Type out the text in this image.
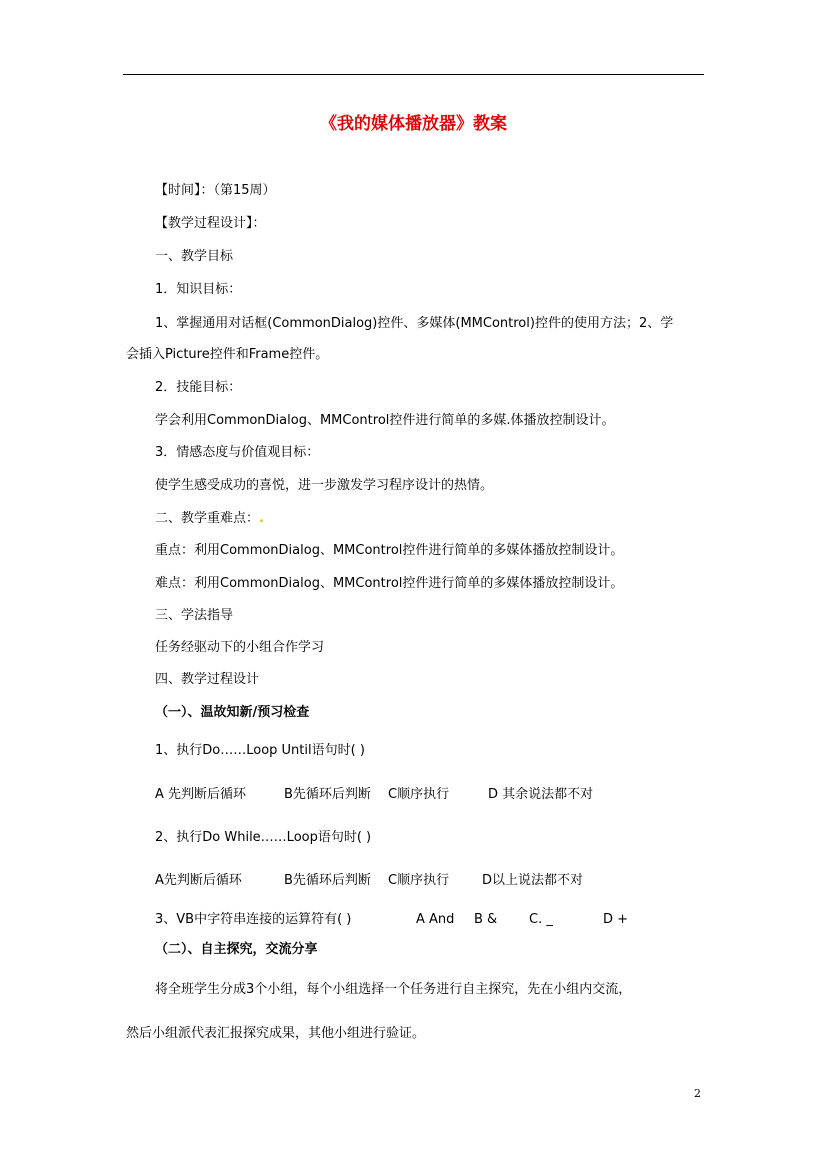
《我的媒体播放器》教案
【时间】：（第15周）
【教学过程设计】：
一、教学目标
1．知识目标：
1、掌握通用对话框(CommonDialog)控件、多媒体(MMControl)控件的使用方法；2、学
会插入Picture控件和Frame控件。
2．技能目标：
学会利用CommonDialog、MMControl控件进行简单的多媒.体播放控制设计。
3．情感态度与价值观目标：
使学生感受成功的喜悦，进一步激发学习程序设计的热情。
二、教学重难点：.
重点：利用CommonDialog、MMControl控件进行简单的多媒体播放控制设计。
难点：利用CommonDialog、MMControl控件进行简单的多媒体播放控制设计。
三、学法指导
任务经驱动下的小组合作学习
四、教学过程设计
（一）、温故知新/预习检查
1、执行Do……Loop Until语句时( )
A 先判断后循环	B先循环后判断 C顺序执行	D 其余说法都不对
2、执行Do While……Loop语句时( )
A先判断后循环	B先循环后判断 C顺序执行	D以上说法都不对
3、VB中字符串连接的运算符有( )	A And B & C. _	D +
（二）、自主探究，交流分享
将全班学生分成3个小组，每个小组选择一个任务进行自主探究，先在小组内交流，
然后小组派代表汇报探究成果，其他小组进行验证。
2
